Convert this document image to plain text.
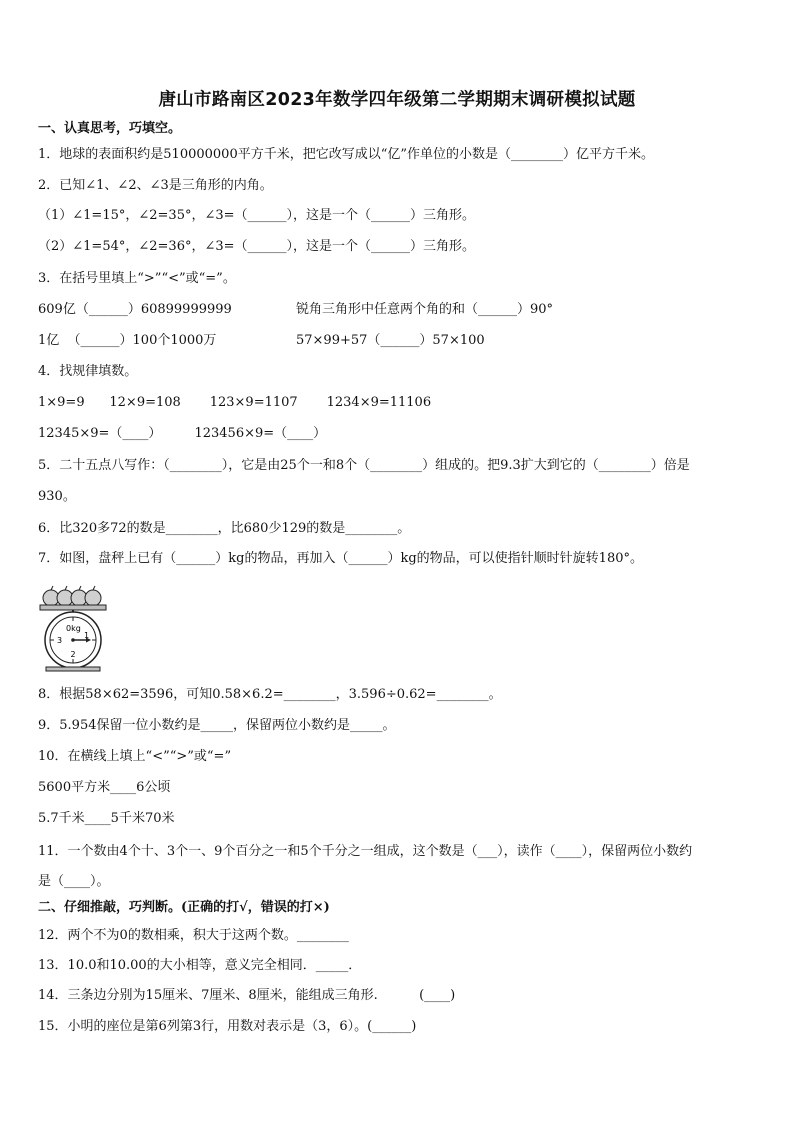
唐山市路南区2023年数学四年级第二学期期末调研模拟试题
一、认真思考，巧填空。
1．地球的表面积约是510000000平方千米，把它改写成以“亿”作单位的小数是（________）亿平方千米。
2．已知∠1、∠2、∠3是三角形的内角。
（1）∠1=15°，∠2=35°，∠3=（______），这是一个（______）三角形。
（2）∠1=54°，∠2=36°，∠3=（______），这是一个（______）三角形。
3．在括号里填上“>”“<”或“=”。
609亿（______）60899999999	锐角三角形中任意两个角的和（______）90°
1亿  （______）100个1000万	57×99+57（______）57×100
4．找规律填数。
1×9=9      12×9=108       123×9=1107       1234×9=11106
12345×9=（____）        123456×9=（____）
5．二十五点八写作：（________），它是由25个一和8个（________）组成的。把9.3扩大到它的（________）倍是
930。
6．比320多72的数是________，比680少129的数是________。
7．如图，盘秤上已有（______）kg的物品，再加入（______）kg的物品，可以使指针顺时针旋转180°。
0kg
3
1
2
8．根据58×62=3596，可知0.58×6.2=________，3.596÷0.62=________。
9．5.954保留一位小数约是_____，保留两位小数约是_____。
10．在横线上填上“<”“>”或“=”
5600平方米____6公顷
5.7千米____5千米70米
11．一个数由4个十、3个一、9个百分之一和5个千分之一组成，这个数是（___），读作（____），保留两位小数约
是（____）。
二、仔细推敲，巧判断。(正确的打√，错误的打×)
12．两个不为0的数相乘，积大于这两个数。________
13．10.0和10.00的大小相等，意义完全相同．_____．
14．三条边分别为15厘米、7厘米、8厘米，能组成三角形.          (____)
15．小明的座位是第6列第3行，用数对表示是（3，6）。(______)
